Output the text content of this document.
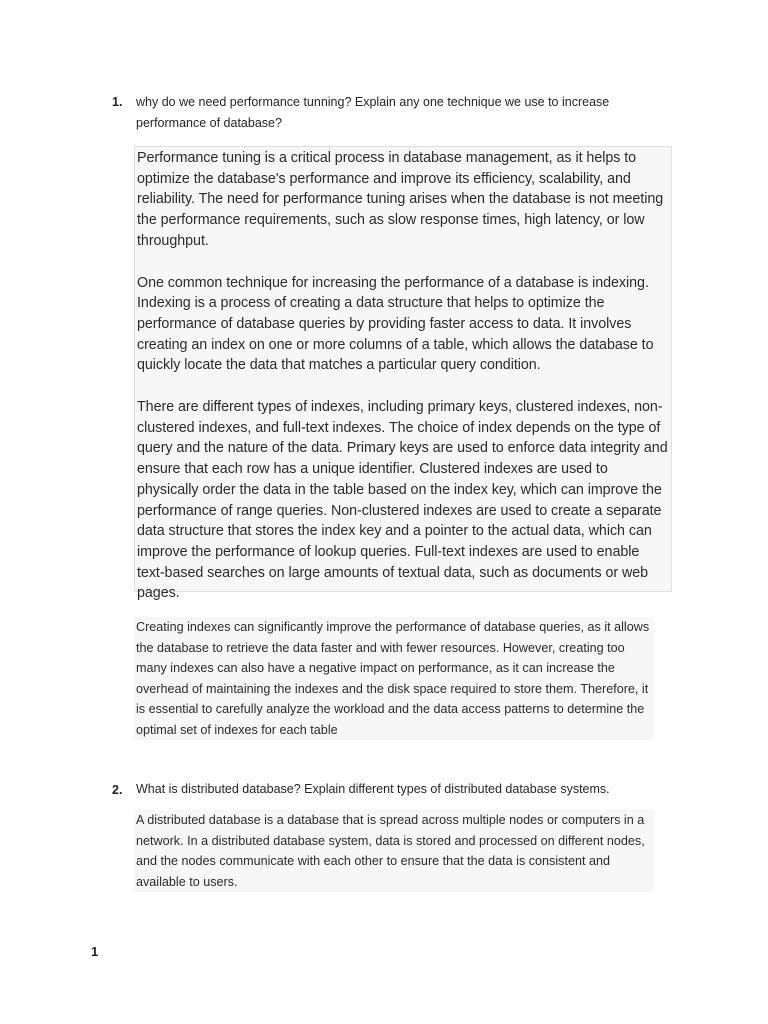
1. why do we need performance tunning? Explain any one technique we use to increase performance of database?

Performance tuning is a critical process in database management, as it helps to optimize the database's performance and improve its efficiency, scalability, and reliability. The need for performance tuning arises when the database is not meeting the performance requirements, such as slow response times, high latency, or low throughput.

One common technique for increasing the performance of a database is indexing. Indexing is a process of creating a data structure that helps to optimize the performance of database queries by providing faster access to data. It involves creating an index on one or more columns of a table, which allows the database to quickly locate the data that matches a particular query condition.

There are different types of indexes, including primary keys, clustered indexes, non-clustered indexes, and full-text indexes. The choice of index depends on the type of query and the nature of the data. Primary keys are used to enforce data integrity and ensure that each row has a unique identifier. Clustered indexes are used to physically order the data in the table based on the index key, which can improve the performance of range queries. Non-clustered indexes are used to create a separate data structure that stores the index key and a pointer to the actual data, which can improve the performance of lookup queries. Full-text indexes are used to enable text-based searches on large amounts of textual data, such as documents or web pages.

Creating indexes can significantly improve the performance of database queries, as it allows the database to retrieve the data faster and with fewer resources. However, creating too many indexes can also have a negative impact on performance, as it can increase the overhead of maintaining the indexes and the disk space required to store them. Therefore, it is essential to carefully analyze the workload and the data access patterns to determine the optimal set of indexes for each table

2. What is distributed database? Explain different types of distributed database systems.

A distributed database is a database that is spread across multiple nodes or computers in a network. In a distributed database system, data is stored and processed on different nodes, and the nodes communicate with each other to ensure that the data is consistent and available to users.

1
